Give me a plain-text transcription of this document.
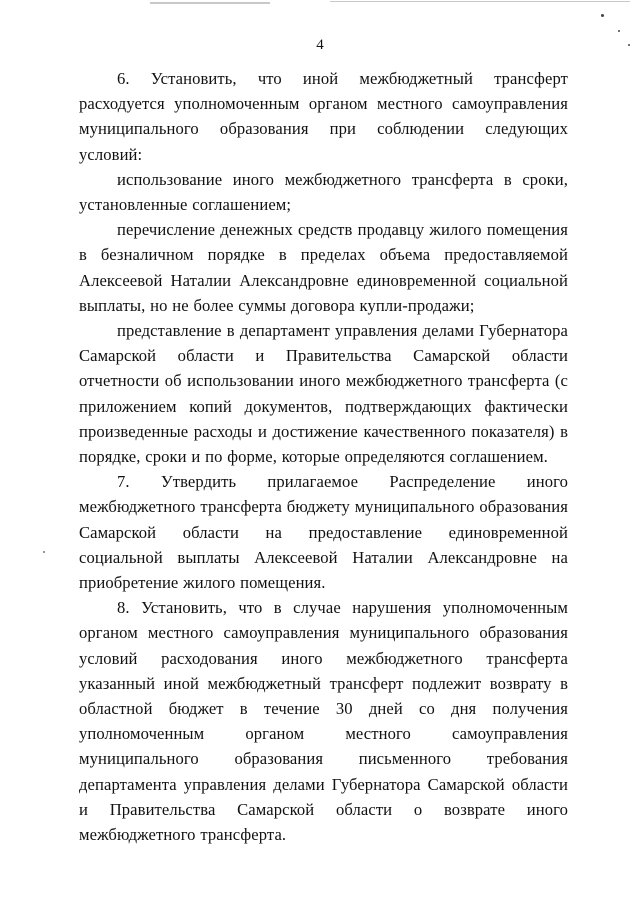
4

6. Установить, что иной межбюджетный трансферт расходуется уполномоченным органом местного самоуправления муниципального образования при соблюдении следующих условий:

использование иного межбюджетного трансферта в сроки, установленные соглашением;

перечисление денежных средств продавцу жилого помещения в безналичном порядке в пределах объема предоставляемой Алексеевой Наталии Александровне единовременной социальной выплаты, но не более суммы договора купли-продажи;

представление в департамент управления делами Губернатора Самарской области и Правительства Самарской области отчетности об использовании иного межбюджетного трансферта (с приложением копий документов, подтверждающих фактически произведенные расходы и достижение качественного показателя) в порядке, сроки и по форме, которые определяются соглашением.

7. Утвердить прилагаемое Распределение иного межбюджетного трансферта бюджету муниципального образования Самарской области на предоставление единовременной социальной выплаты Алексеевой Наталии Александровне на приобретение жилого помещения.

8. Установить, что в случае нарушения уполномоченным органом местного самоуправления муниципального образования условий расходования иного межбюджетного трансферта указанный иной межбюджетный трансферт подлежит возврату в областной бюджет в течение 30 дней со дня получения уполномоченным органом местного самоуправления муниципального образования письменного требования департамента управления делами Губернатора Самарской области и Правительства Самарской области о возврате иного межбюджетного трансферта.
